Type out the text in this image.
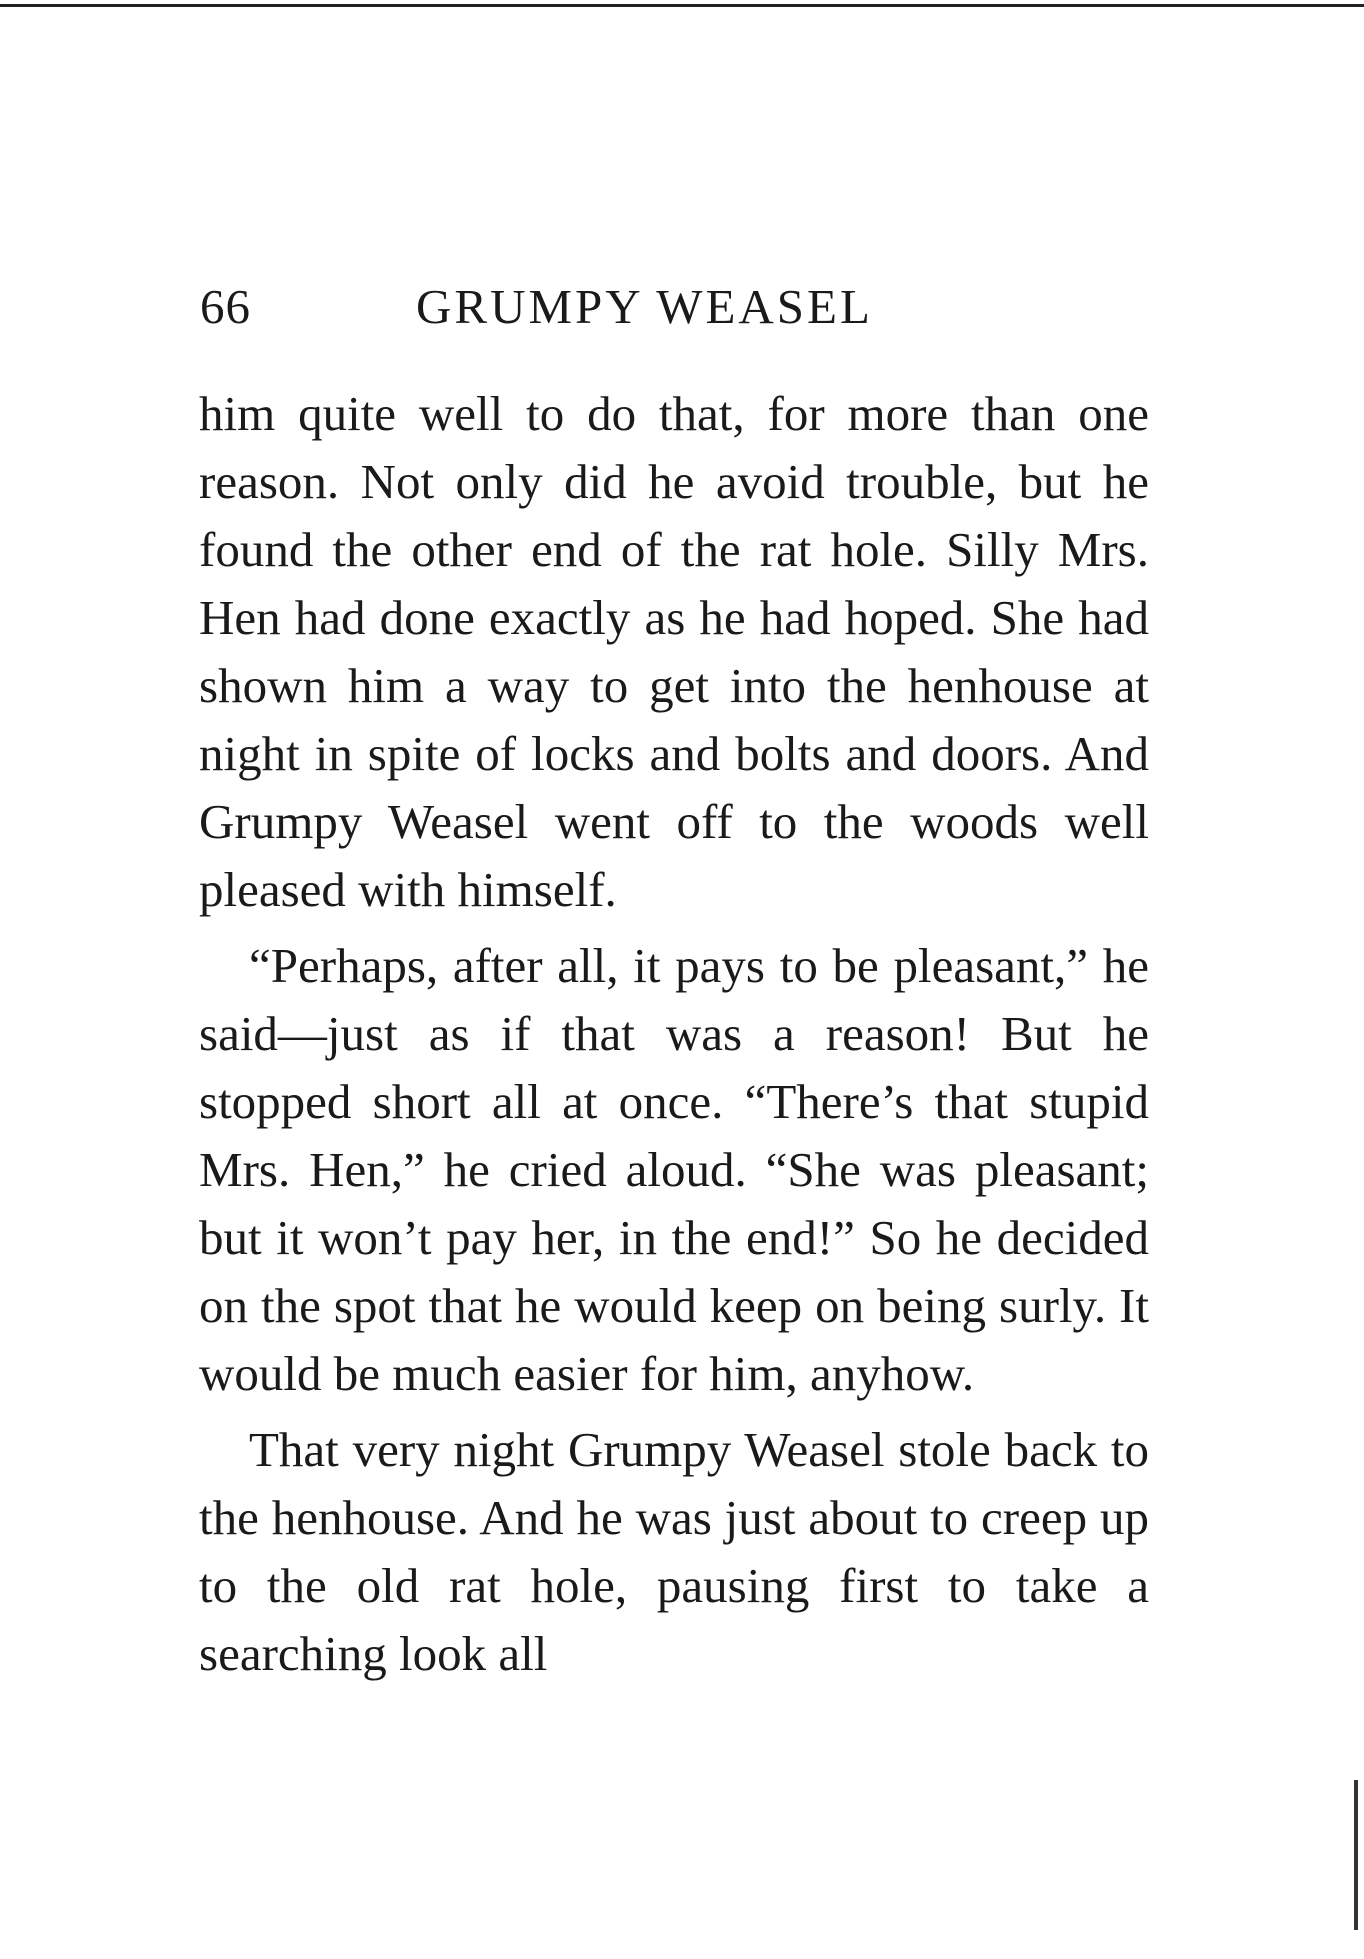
66	GRUMPY WEASEL

him quite well to do that, for more than one reason. Not only did he avoid trouble, but he found the other end of the rat hole. Silly Mrs. Hen had done exactly as he had hoped. She had shown him a way to get into the henhouse at night in spite of locks and bolts and doors. And Grumpy Weasel went off to the woods well pleased with himself.

“Perhaps, after all, it pays to be pleasant,” he said—just as if that was a reason! But he stopped short all at once. “There’s that stupid Mrs. Hen,” he cried aloud. “She was pleasant; but it won’t pay her, in the end!” So he decided on the spot that he would keep on being surly. It would be much easier for him, anyhow.

That very night Grumpy Weasel stole back to the henhouse. And he was just about to creep up to the old rat hole, pausing first to take a searching look all
